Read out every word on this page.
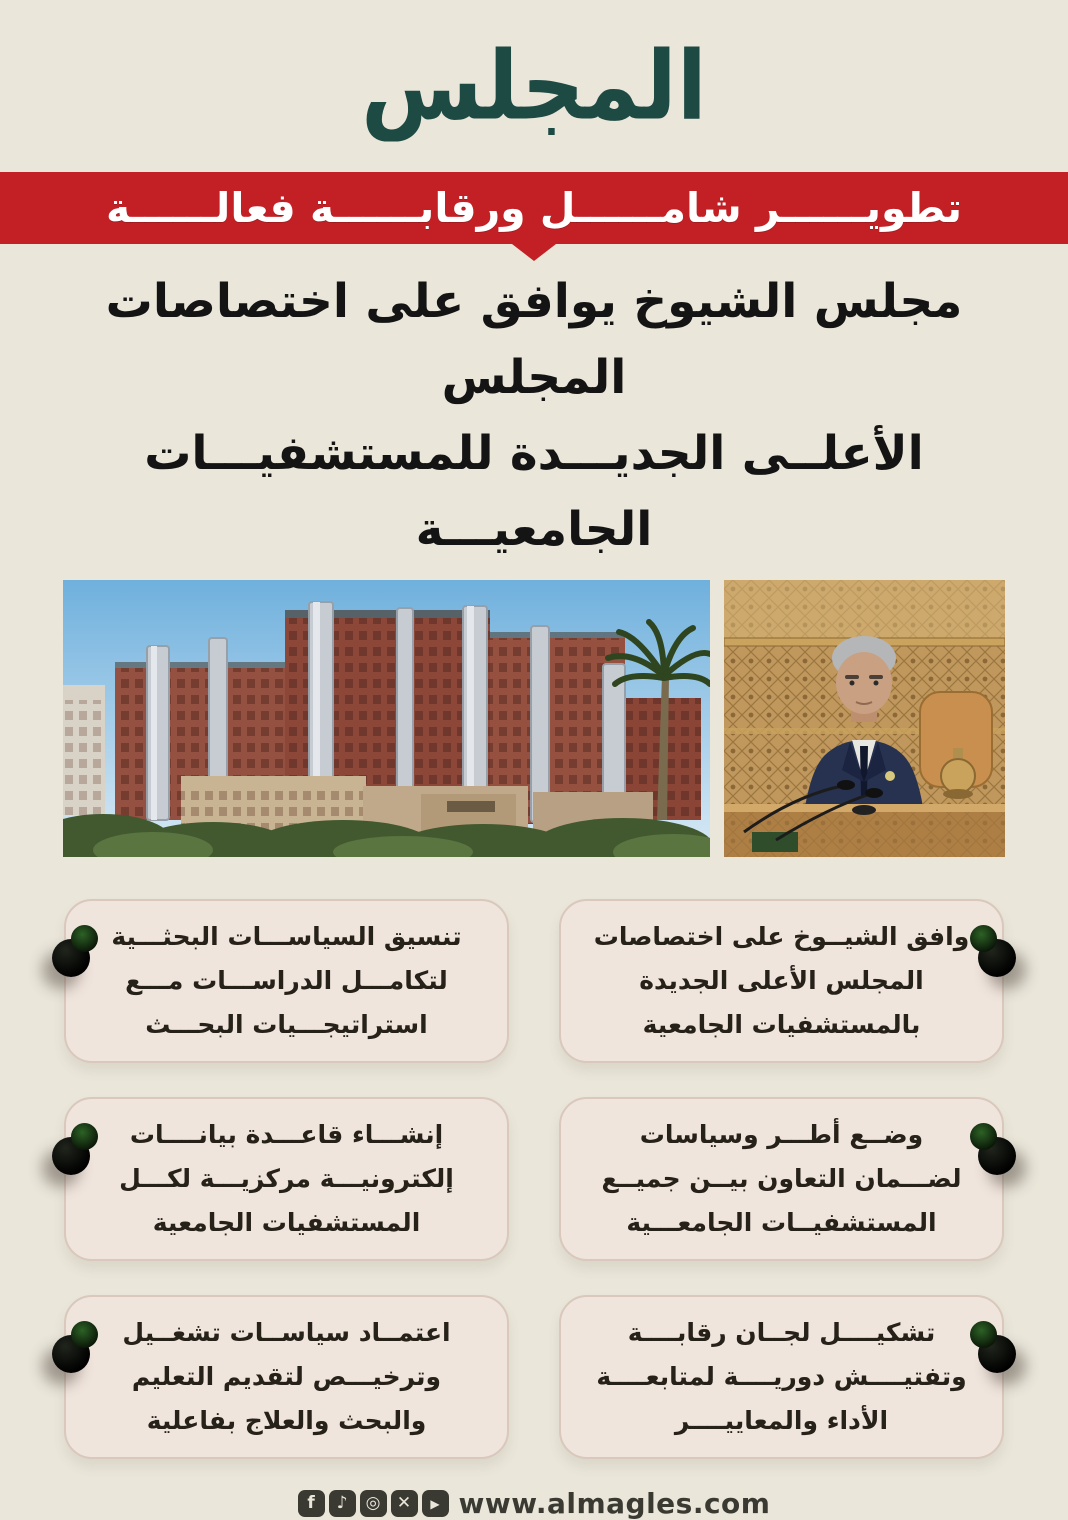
المجلس
تطويــــــر شامــــــل ورقابــــــة فعالــــــة
مجلس الشيوخ يوافق على اختصاصات المجلس
الأعلــى الجديـــدة للمستشفيـــات الجامعيـــة
تنسيق السياســـات البحثـــية لتكامـــل الدراســـات مـــع استراتيجـــيات البحـــث
وافق الشيــوخ على اختصاصات المجلس الأعلى الجديدة بالمستشفيات الجامعية
إنشـــاء قاعـــدة بيانــــات إلكترونيـــة مركزيـــة لكـــل المستشفيات الجامعية
وضــع أطـــر وسياسات لضـــمان التعاون بيــن جميــع المستشفيــات الجامعـــية
اعتمــاد سياســات تشغــيل وترخيـــص لتقديم التعليم والبحث والعلاج بفاعلية
تشكيــــل لجــان رقابــــة وتفتيــــش دوريــــة لمتابعــــة الأداء والمعاييــــر
f	♪	◎ ✕	▶ www.almagles.com
